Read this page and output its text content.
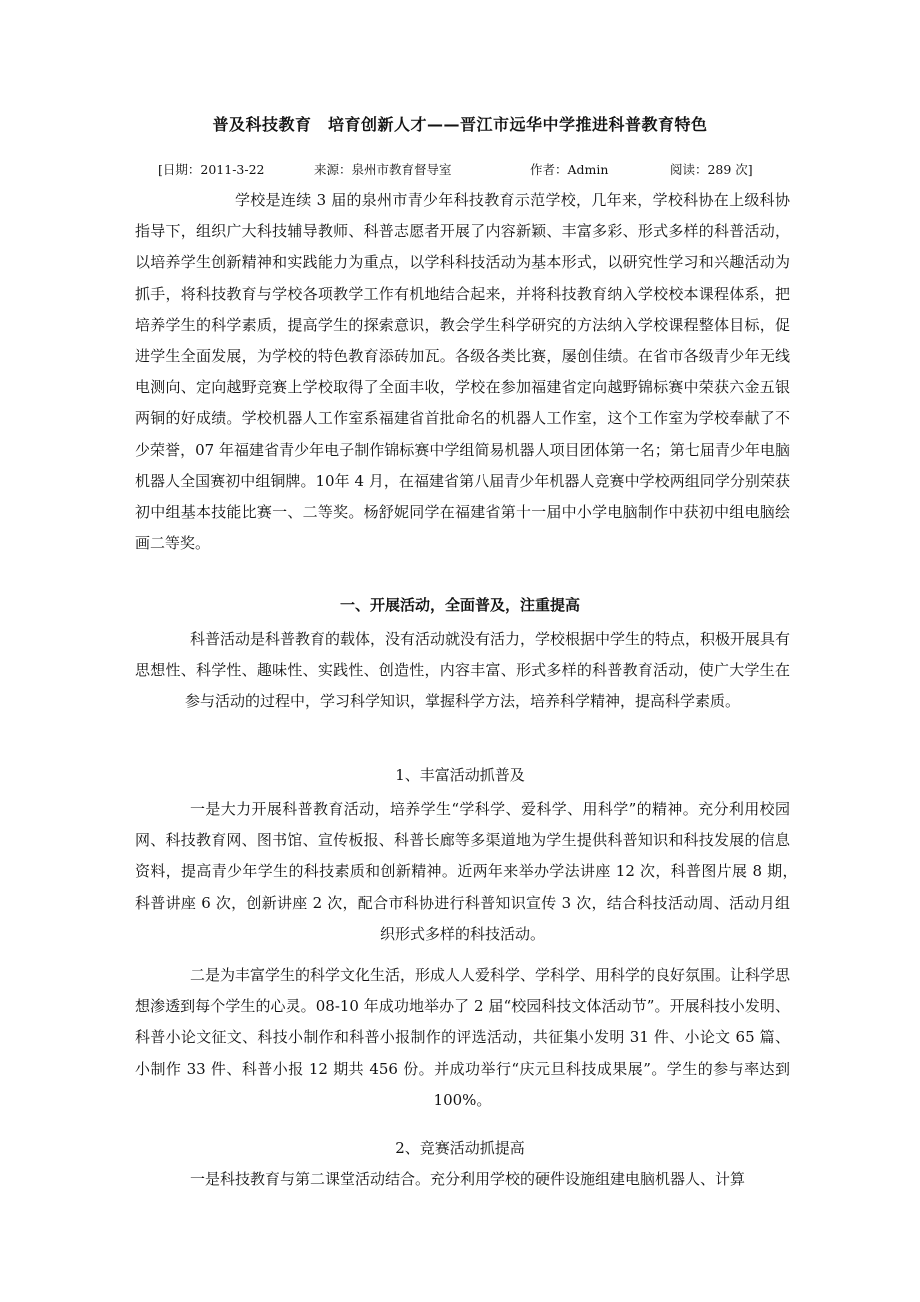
普及科技教育　培育创新人才——晋江市远华中学推进科普教育特色
[日期：2011-3-22	来源：泉州市教育督导室	作者：Admin	阅读：289 次]
学校是连续 3 届的泉州市青少年科技教育示范学校，几年来，学校科协在上级科协指导下，组织广大科技辅导教师、科普志愿者开展了内容新颖、丰富多彩、形式多样的科普活动，以培养学生创新精神和实践能力为重点，以学科科技活动为基本形式，以研究性学习和兴趣活动为抓手，将科技教育与学校各项教学工作有机地结合起来，并将科技教育纳入学校校本课程体系，把培养学生的科学素质，提高学生的探索意识，教会学生科学研究的方法纳入学校课程整体目标，促进学生全面发展，为学校的特色教育添砖加瓦。各级各类比赛，屡创佳绩。在省市各级青少年无线电测向、定向越野竞赛上学校取得了全面丰收，学校在参加福建省定向越野锦标赛中荣获六金五银两铜的好成绩。学校机器人工作室系福建省首批命名的机器人工作室，这个工作室为学校奉献了不少荣誉，07 年福建省青少年电子制作锦标赛中学组简易机器人项目团体第一名；第七届青少年电脑机器人全国赛初中组铜牌。10年 4 月，在福建省第八届青少年机器人竞赛中学校两组同学分别荣获初中组基本技能比赛一、二等奖。杨舒妮同学在福建省第十一届中小学电脑制作中获初中组电脑绘画二等奖。
一、开展活动，全面普及，注重提高
科普活动是科普教育的载体，没有活动就没有活力，学校根据中学生的特点，积极开展具有思想性、科学性、趣味性、实践性、创造性，内容丰富、形式多样的科普教育活动，使广大学生在参与活动的过程中，学习科学知识，掌握科学方法，培养科学精神，提高科学素质。
1、丰富活动抓普及
一是大力开展科普教育活动，培养学生“学科学、爱科学、用科学”的精神。充分利用校园网、科技教育网、图书馆、宣传板报、科普长廊等多渠道地为学生提供科普知识和科技发展的信息资料，提高青少年学生的科技素质和创新精神。近两年来举办学法讲座 12 次，科普图片展 8 期，　科普讲座 6 次，创新讲座 2 次，配合市科协进行科普知识宣传 3 次，结合科技活动周、活动月组织形式多样的科技活动。
二是为丰富学生的科学文化生活，形成人人爱科学、学科学、用科学的良好氛围。让科学思想渗透到每个学生的心灵。08-10 年成功地举办了 2 届“校园科技文体活动节”。开展科技小发明、科普小论文征文、科技小制作和科普小报制作的评选活动，共征集小发明 31 件、小论文 65 篇、小制作 33 件、科普小报 12 期共 456 份。并成功举行“庆元旦科技成果展”。学生的参与率达到 100%。
2、竞赛活动抓提高
一是科技教育与第二课堂活动结合。充分利用学校的硬件设施组建电脑机器人、计算
